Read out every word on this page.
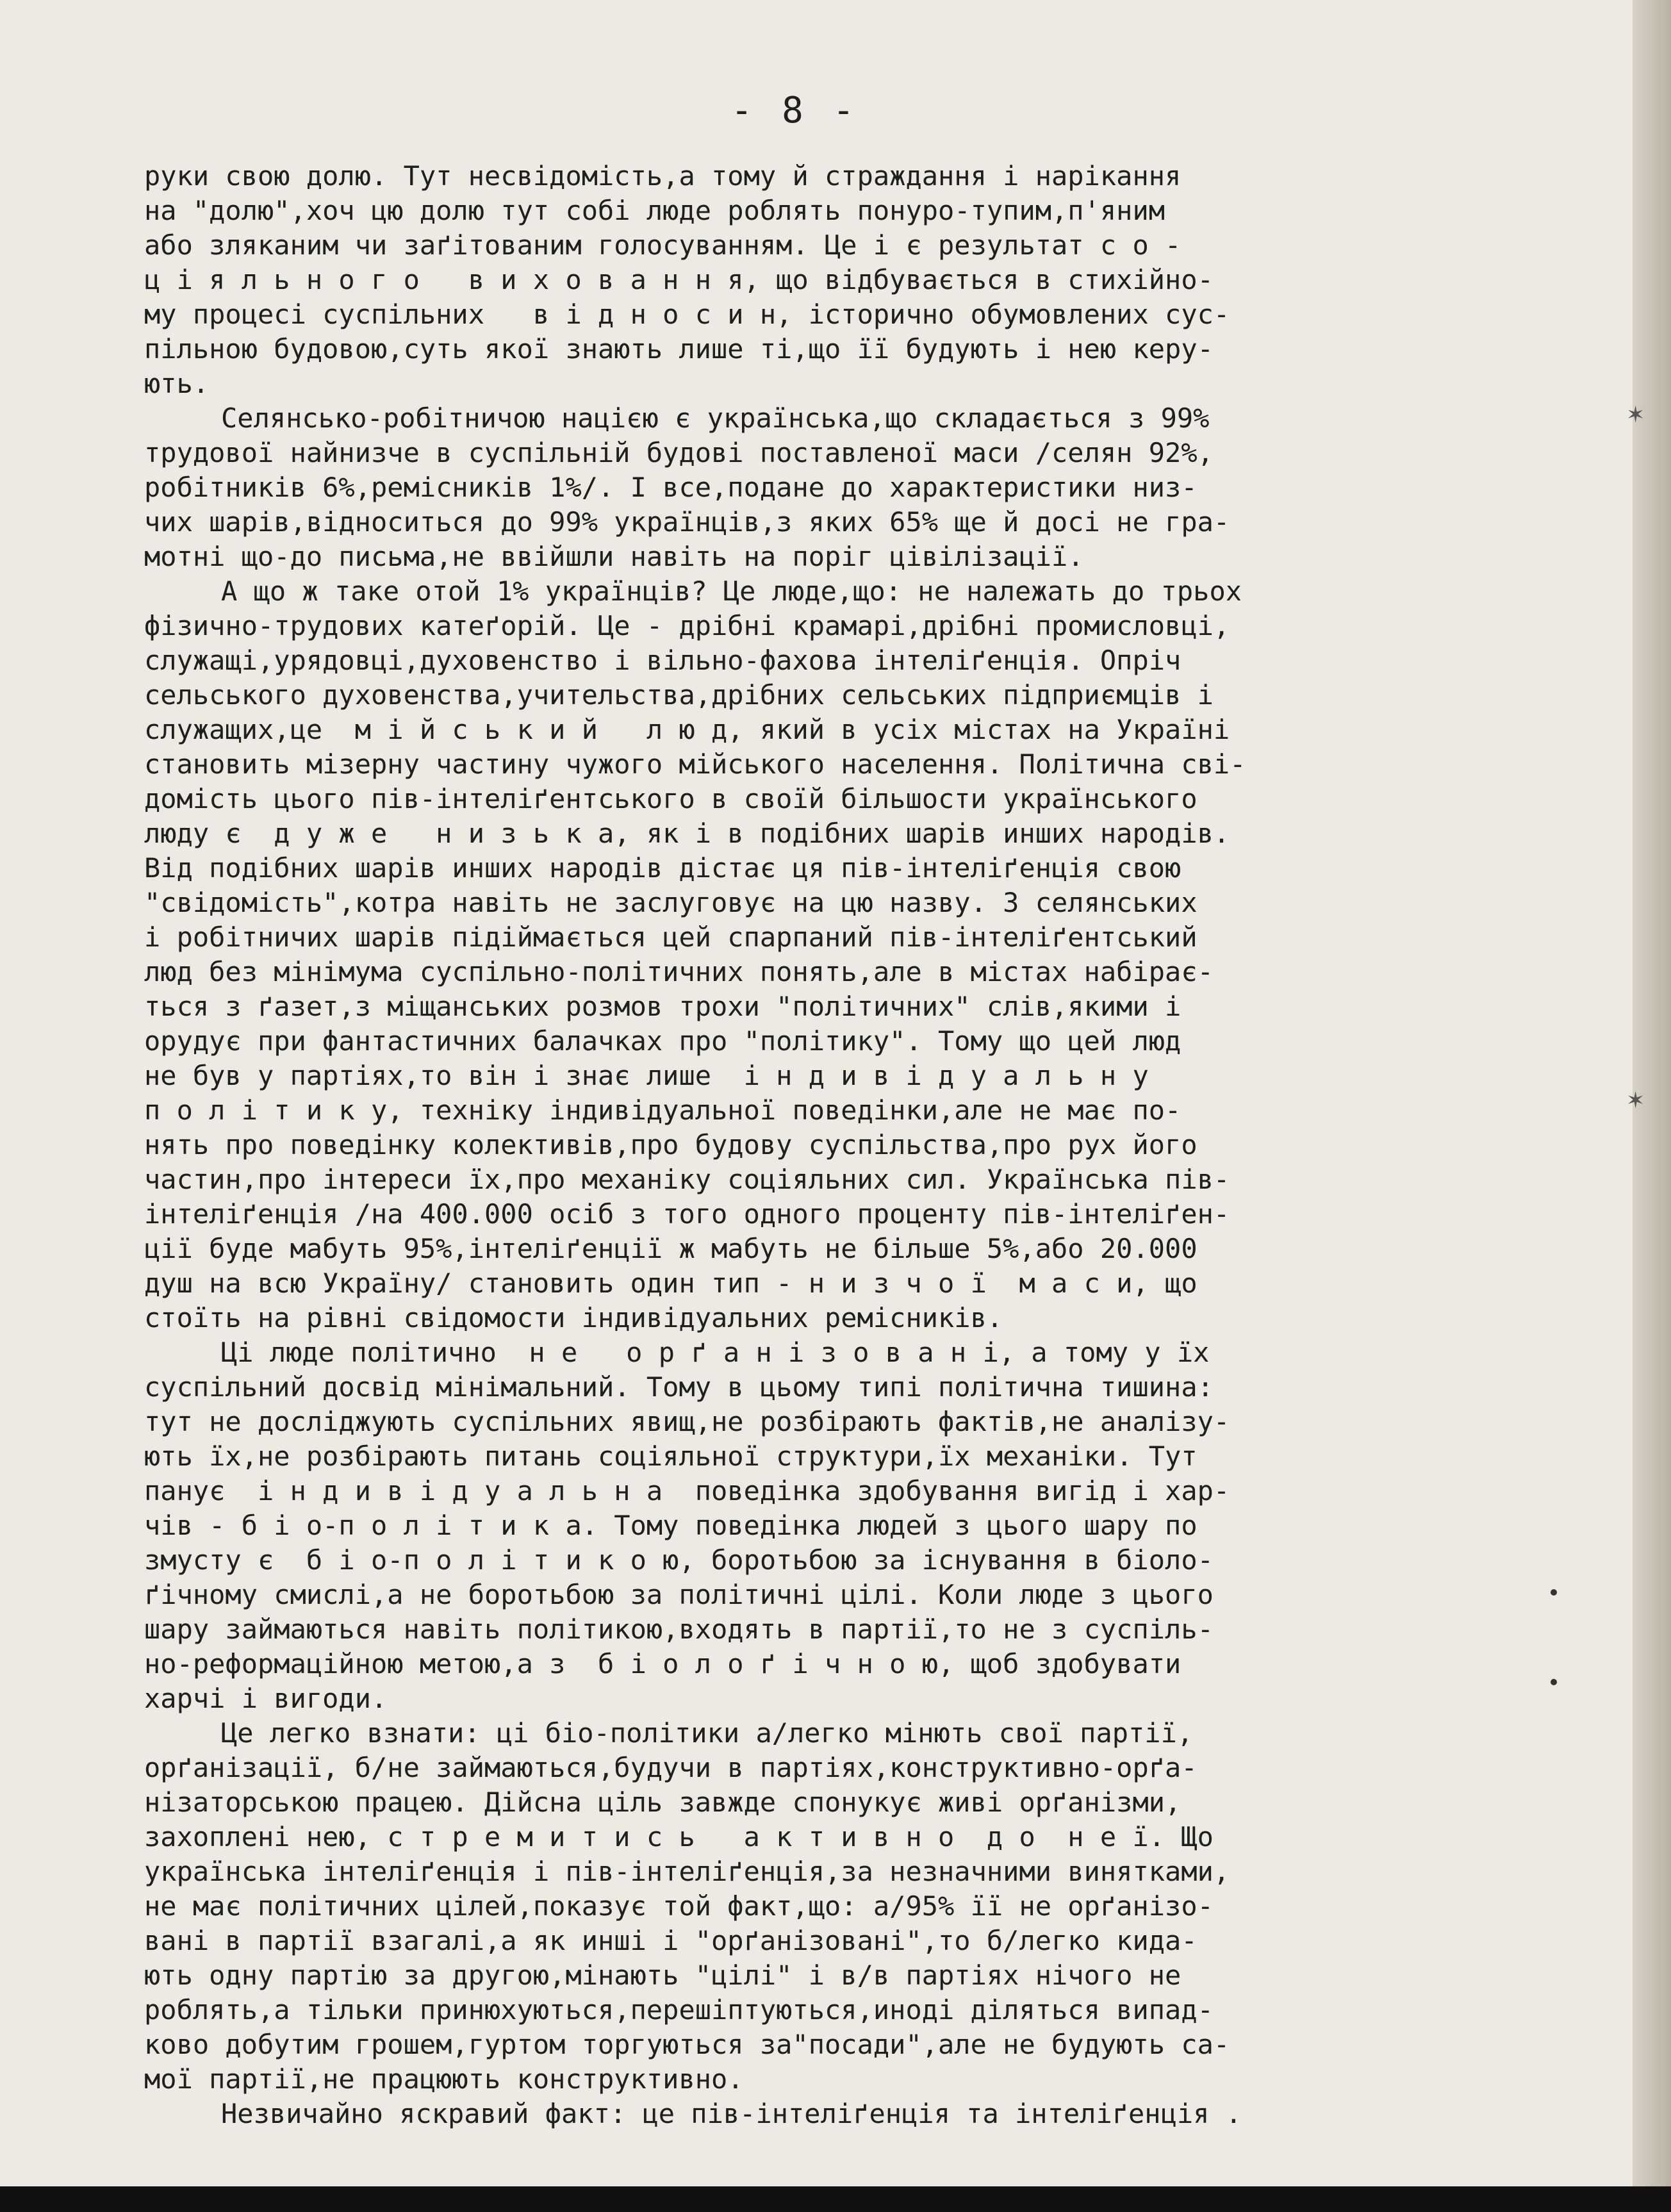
- 8 -
руки свою долю. Тут несвідомість,а тому й страждання і нарікання
на "долю",хоч цю долю тут собі люде роблять понуро-тупим,п'яним
або зляканим чи заґітованим голосуванням. Це і є результат с о -
ц і я л ь н о г о   в и х о в а н н я, що відбувається в стихійно-
му процесі суспільних   в і д н о с и н, історично обумовлених сус-
пільною будовою,суть якої знають лише ті,що її будують і нею керу-
ють.
Селянсько-робітничою нацією є українська,що складається з 99%
трудової найнизче в суспільній будові поставленої маси /селян 92%,
робітників 6%,ремісників 1%/. І все,подане до характеристики низ-
чих шарів,відноситься до 99% українців,з яких 65% ще й досі не гра-
мотні що-до письма,не ввійшли навіть на поріг цівілізації.
А що ж таке отой 1% українців? Це люде,що: не належать до трьох
фізично-трудових катеґорій. Це - дрібні крамарі,дрібні промисловці,
служащі,урядовці,духовенство і вільно-фахова інтеліґенція. Опріч
сельського духовенства,учительства,дрібних сельських підприємців і
служащих,це  м і й с ь к и й   л ю д, який в усіх містах на Україні
становить мізерну частину чужого мійського населення. Політична сві-
домість цього пів-інтеліґентського в своїй більшости українського
люду є  д у ж е   н и з ь к а, як і в подібних шарів инших народів.
Від подібних шарів инших народів дістає ця пів-інтеліґенція свою
"свідомість",котра навіть не заслуговує на цю назву. З селянських
і робітничих шарів підіймається цей спарпаний пів-інтеліґентський
люд без мінімума суспільно-політичних понять,але в містах набірає-
ться з ґазет,з міщанських розмов трохи "політичних" слів,якими і
орудує при фантастичних балачках про "політику". Тому що цей люд
не був у партіях,то він і знає лише  і н д и в і д у а л ь н у
п о л і т и к у, техніку індивідуальної поведінки,але не має по-
нять про поведінку колективів,про будову суспільства,про рух його
частин,про інтереси їх,про механіку соціяльних сил. Українська пів-
інтеліґенція /на 400.000 осіб з того одного проценту пів-інтеліґен-
ції буде мабуть 95%,інтеліґенції ж мабуть не більше 5%,або 20.000
душ на всю Україну/ становить один тип - н и з ч о ї  м а с и, що
стоїть на рівні свідомости індивідуальних ремісників.
Ці люде політично  н е   о р ґ а н і з о в а н і, а тому у їх
суспільний досвід мінімальний. Тому в цьому типі політична тишина:
тут не досліджують суспільних явищ,не розбірають фактів,не аналізу-
ють їх,не розбірають питань соціяльної структури,їх механіки. Тут
панує  і н д и в і д у а л ь н а  поведінка здобування вигід і хар-
чів - б і о-п о л і т и к а. Тому поведінка людей з цього шару по
змусту є  б і о-п о л і т и к о ю, боротьбою за існування в біоло-
ґічному смислі,а не боротьбою за політичні цілі. Коли люде з цього
шару займаються навіть політикою,входять в партії,то не з суспіль-
но-реформаційною метою,а з  б і о л о ґ і ч н о ю, щоб здобувати
харчі і вигоди.
Це легко взнати: ці біо-політики а/легко мінють свої партії,
орґанізації, б/не займаються,будучи в партіях,конструктивно-орґа-
нізаторською працею. Дійсна ціль завжде спонукує живі орґанізми,
захоплені нею, с т р е м и т и с ь   а к т и в н о  д о  н е ї. Що
українська інтеліґенція і пів-інтеліґенція,за незначними винятками,
не має політичних цілей,показує той факт,що: а/95% її не орґанізо-
вані в партії взагалі,а як инші і "орґанізовані",то б/легко кида-
ють одну партію за другою,мінають "цілі" і в/в партіях нічого не
роблять,а тільки принюхуються,перешіптуються,иноді діляться випад-
ково добутим грошем,гуртом торгуються за"посади",але не будують са-
мої партії,не працюють конструктивно.
Незвичайно яскравий факт: це пів-інтеліґенція та інтеліґенція .
✶
✶
